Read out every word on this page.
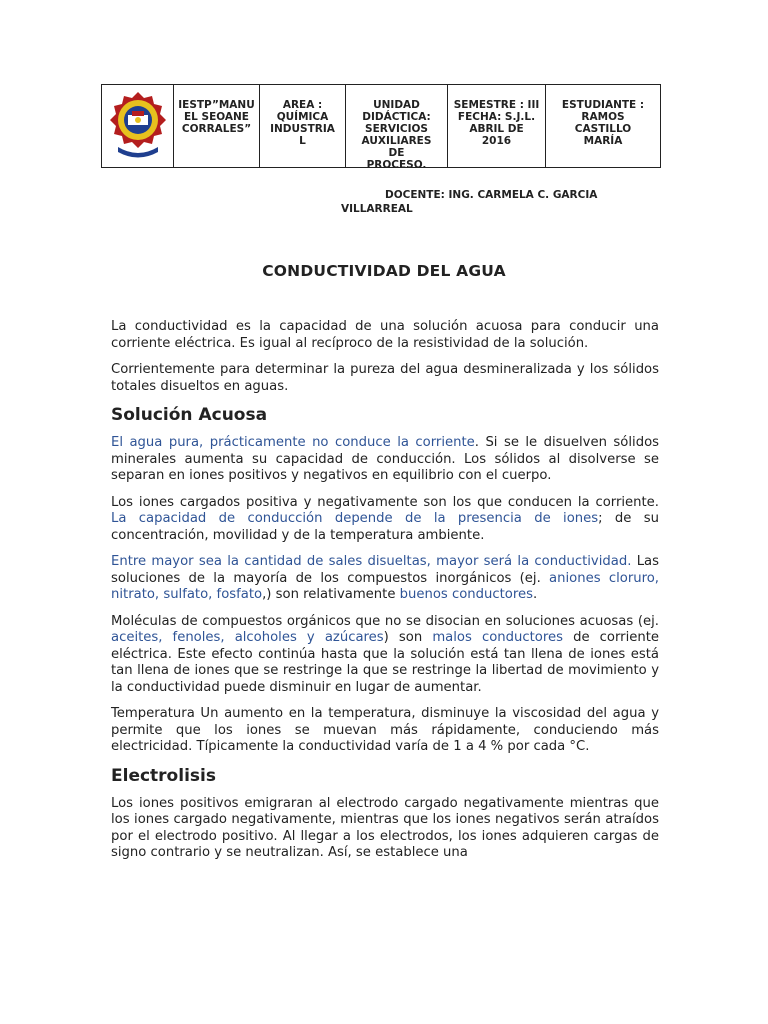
IESTP”MANU
EL SEOANE
CORRALES”
AREA :
QUÍMICA
INDUSTRIA
L
UNIDAD
DIDÁCTICA:
SERVICIOS
AUXILIARES
DE
PROCESO.
SEMESTRE : III
FECHA: S.J.L.
ABRIL DE
2016
ESTUDIANTE :
RAMOS
CASTILLO
MARÍA
DOCENTE: ING. CARMELA C. GARCIA
VILLARREAL
CONDUCTIVIDAD DEL AGUA

La conductividad es la capacidad de una solución acuosa para conducir una corriente eléctrica. Es igual al recíproco de la resistividad de la solución.

Corrientemente para determinar la pureza del agua desmineralizada y los sólidos totales disueltos en aguas.

Solución Acuosa

El agua pura, prácticamente no conduce la corriente. Si se le disuelven sólidos minerales aumenta su capacidad de conducción. Los sólidos al disolverse se separan en iones positivos y negativos en equilibrio con el cuerpo.

Los iones cargados positiva y negativamente son los que conducen la corriente. La capacidad de conducción depende de la presencia de iones; de su concentración, movilidad y de la temperatura ambiente.

Entre mayor sea la cantidad de sales disueltas, mayor será la conductividad. Las soluciones de la mayoría de los compuestos inorgánicos (ej. aniones cloruro, nitrato, sulfato, fosfato,) son relativamente buenos conductores.

Moléculas de compuestos orgánicos que no se disocian en soluciones acuosas (ej. aceites, fenoles, alcoholes y azúcares) son malos conductores de corriente eléctrica. Este efecto continúa hasta que la solución está tan llena de iones está tan llena de iones que se restringe la que se restringe la libertad de movimiento y la conductividad puede disminuir en lugar de aumentar.

Temperatura Un aumento en la temperatura, disminuye la viscosidad del agua y permite que los iones se muevan más rápidamente, conduciendo más electricidad. Típicamente la conductividad varía de 1 a 4 % por cada °C.

Electrolisis

Los iones positivos emigraran al electrodo cargado negativamente mientras que los iones cargado negativamente, mientras que los iones negativos serán atraídos por el electrodo positivo. Al llegar a los electrodos, los iones adquieren cargas de signo contrario y se neutralizan. Así, se establece una
